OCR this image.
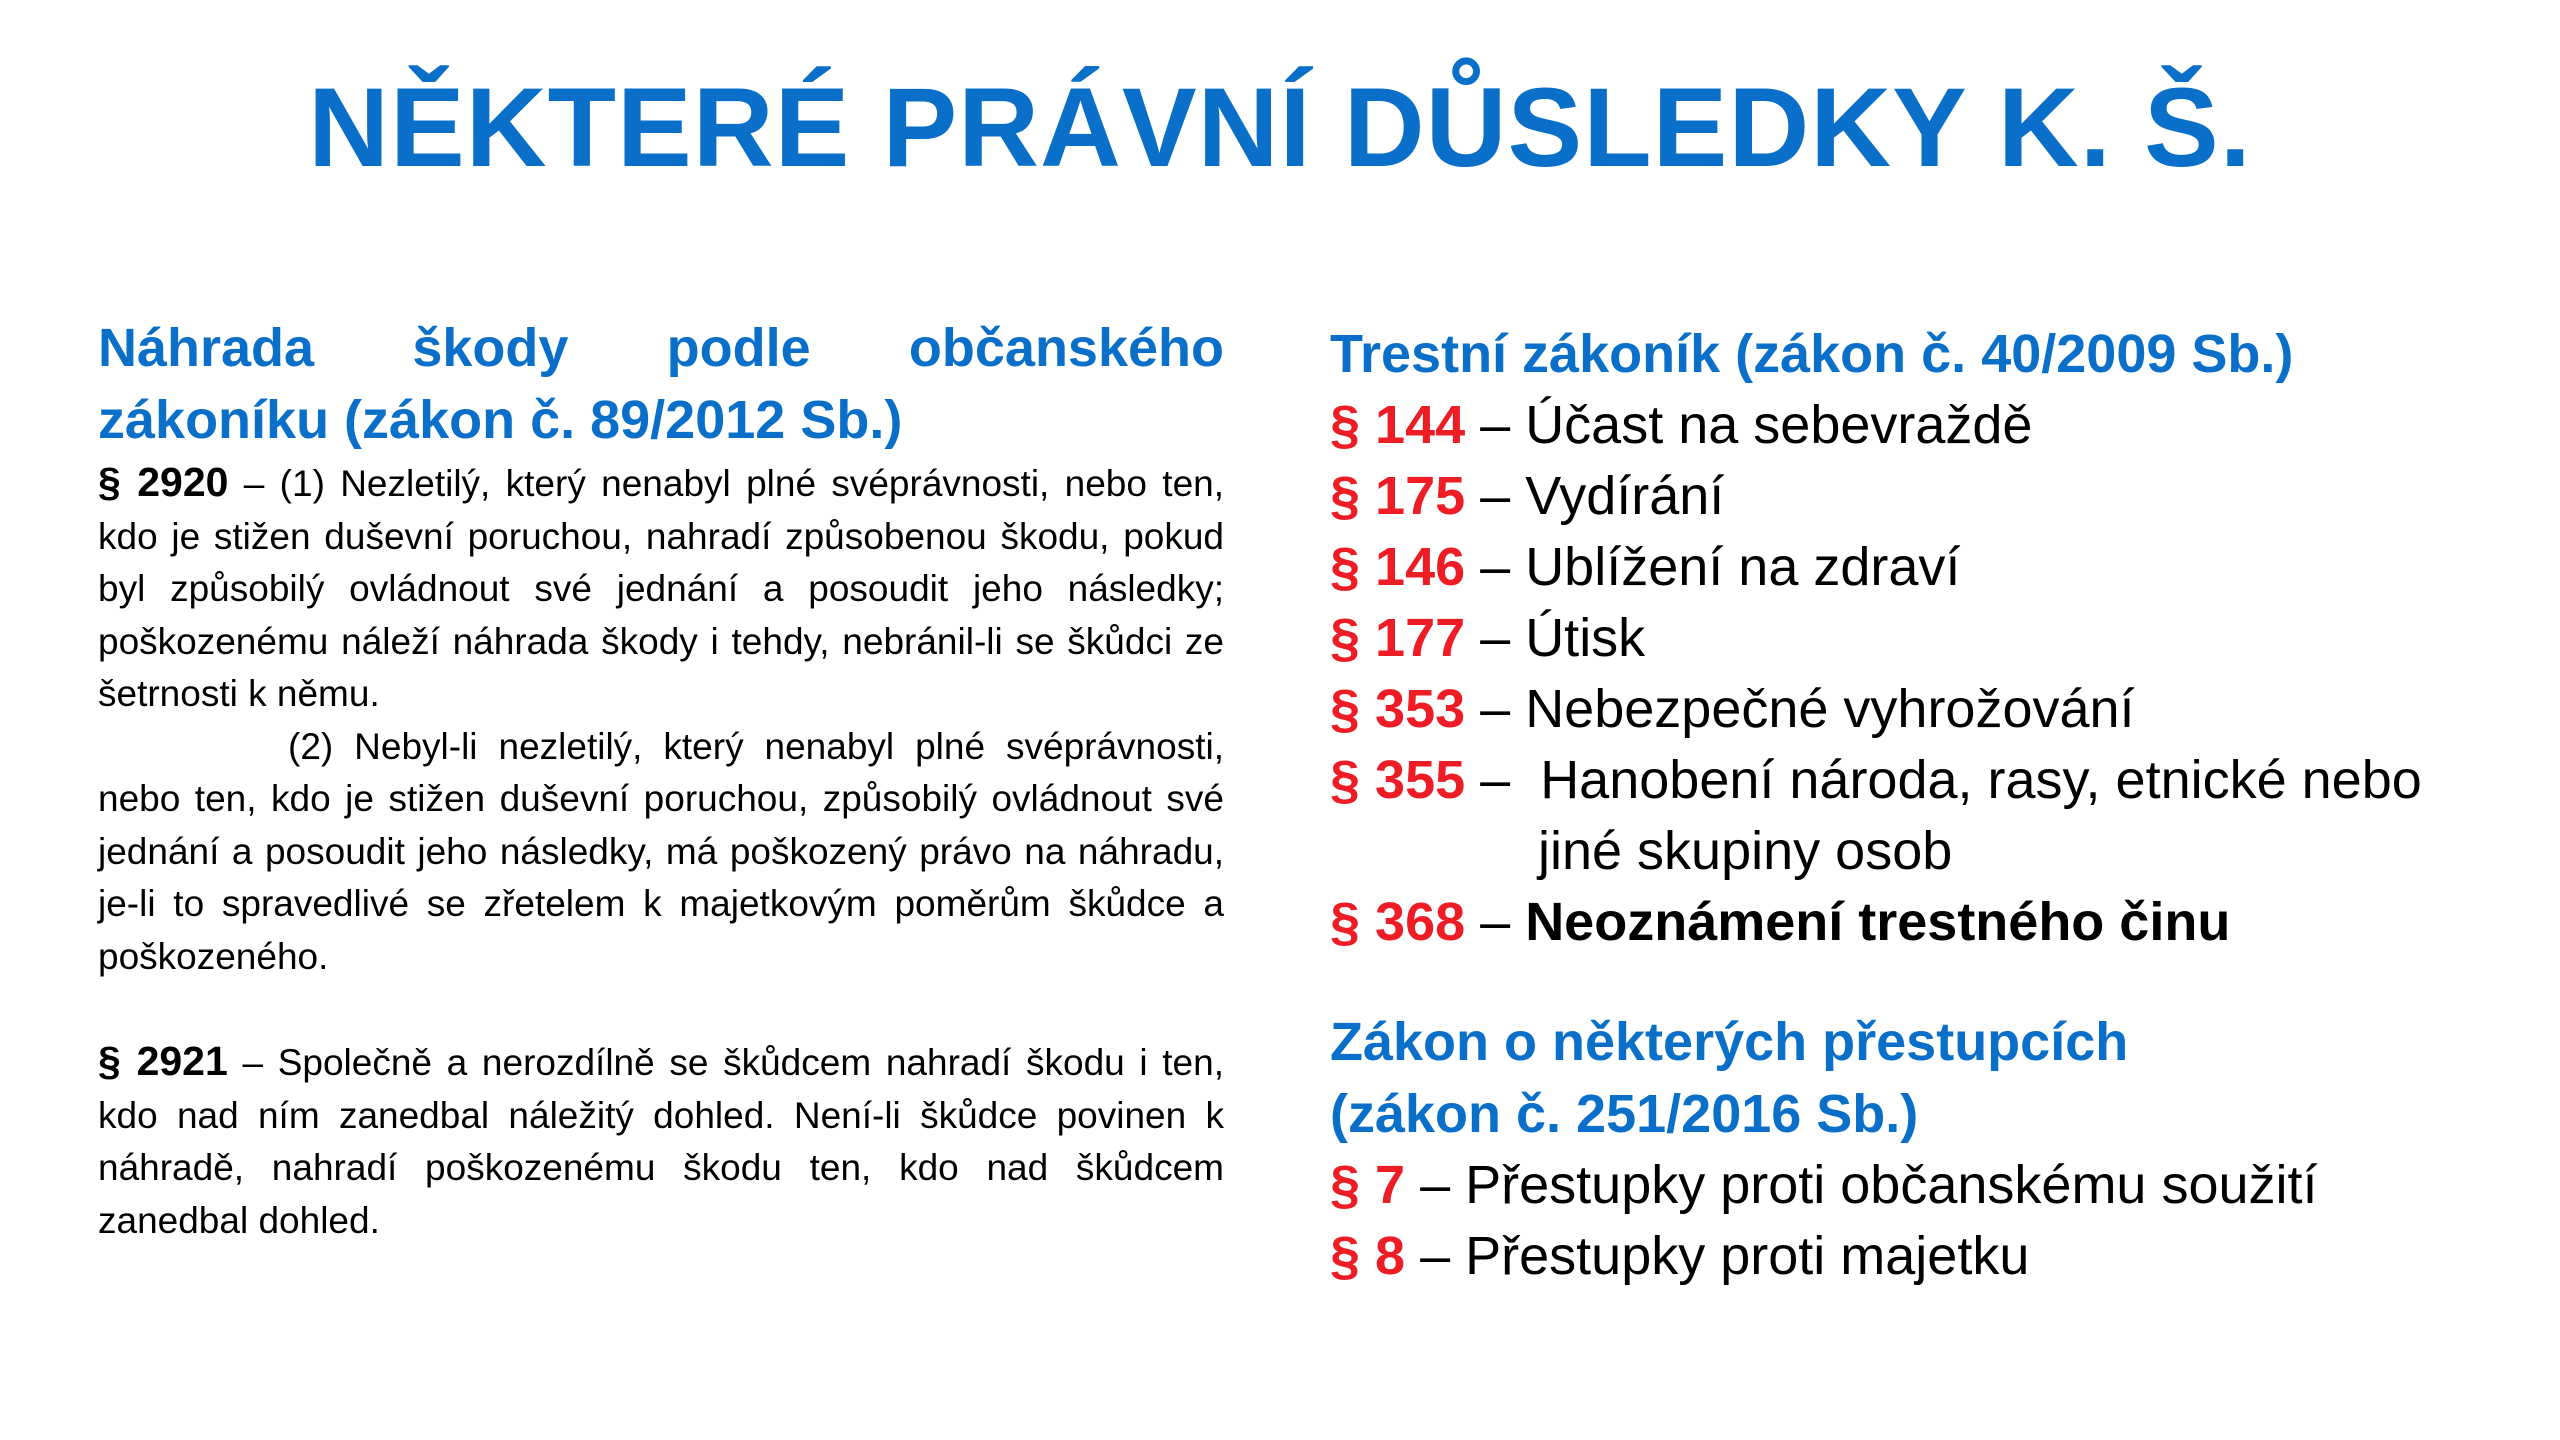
NĚKTERÉ PRÁVNÍ DŮSLEDKY K. Š.
Náhrada škody podle občanského
zákoníku (zákon č. 89/2012 Sb.)

§ 2920 – (1) Nezletilý, který nenabyl plné svéprávnosti, nebo ten, kdo je stižen duševní poruchou, nahradí způsobenou škodu, pokud byl způsobilý ovládnout své jednání a posoudit jeho následky; poškozenému náleží náhrada škody i tehdy, nebránil-li se škůdci ze šetrnosti k němu.

(2) Nebyl-li nezletilý, který nenabyl plné svéprávnosti, nebo ten, kdo je stižen duševní poruchou, způsobilý ovládnout své jednání a posoudit jeho následky, má poškozený právo na náhradu, je-li to spravedlivé se zřetelem k majetkovým poměrům škůdce a poškozeného.

§ 2921 – Společně a nerozdílně se škůdcem nahradí škodu i ten, kdo nad ním zanedbal náležitý dohled. Není-li škůdce povinen k náhradě, nahradí poškozenému škodu ten, kdo nad škůdcem zanedbal dohled.

Trestní zákoník (zákon č. 40/2009 Sb.)
§ 144 – Účast na sebevraždě
§ 175 – Vydírání
§ 146 – Ublížení na zdraví
§ 177 – Útisk
§ 353 – Nebezpečné vyhrožování
§ 355 –  Hanobení národa, rasy, etnické nebo
jiné skupiny osob
§ 368 – Neoznámení trestného činu
Zákon o některých přestupcích
(zákon č. 251/2016 Sb.)
§ 7 – Přestupky proti občanskému soužití
§ 8 – Přestupky proti majetku
